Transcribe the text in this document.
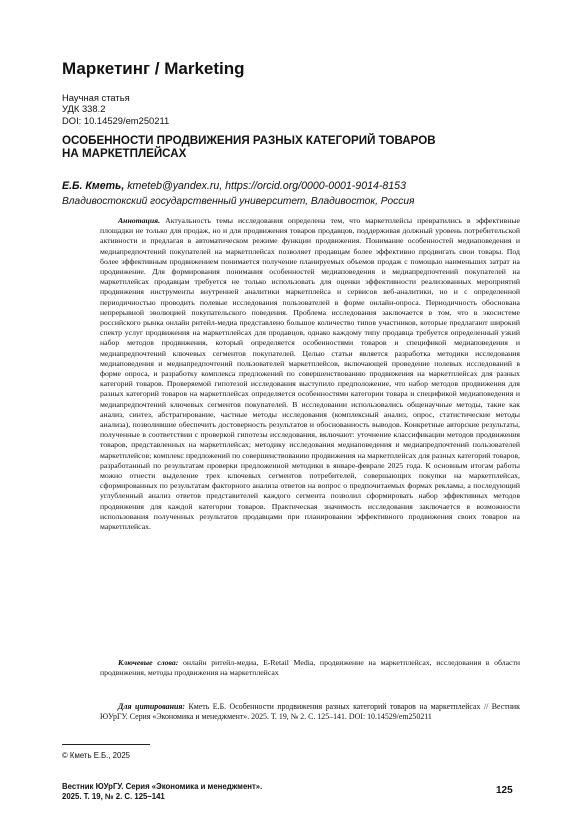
Маркетинг / Marketing
Научная статья
УДК 338.2
DOI: 10.14529/em250211
ОСОБЕННОСТИ ПРОДВИЖЕНИЯ РАЗНЫХ КАТЕГОРИЙ ТОВАРОВ
НА МАРКЕТПЛЕЙСАХ
Е.Б. Кметь, kmeteb@yandex.ru, https://orcid.org/0000-0001-9014-8153
Владивостокский государственный университет, Владивосток, Россия
Аннотация. Актуальность темы исследования определена тем, что маркетплейсы превратились в эффективные площадки не только для продаж, но и для продвижения товаров продавцов, поддерживая должный уровень потребительской активности и предлагая в автоматическом режиме функции продвижения. Понимание особенностей медиаповедения и медиапредпочтений покупателей на маркетплейсах позволяет продавцам более эффективно продвигать свои товары. Под более эффективным продвижением понимается получение планируемых объемов продаж с помощью наименьших затрат на продвижение. Для формирования понимания особенностей медиаповедения и медиапредпочтений покупателей на маркетплейсах продавцам требуется не только использовать для оценки эффективности реализованных мероприятий продвижения инструменты внутренней аналитики маркетплейса и сервисов веб-аналитики, но и с определенной периодичностью проводить полевые исследования пользователей в форме онлайн-опроса. Периодичность обоснована непрерывной эволюцией покупательского поведения. Проблема исследования заключается в том, что в экосистеме российского рынка онлайн ритейл-медиа представлено большое количество типов участников, которые предлагают широкий спектр услуг продвижения на маркетплейсах для продавцов, однако каждому типу продавца требуется определенный узкий набор методов продвижения, который определяется особенностями товаров и спецификой медиаповедения и медиапредпочтений ключевых сегментов покупателей. Целью статьи является разработка методики исследования медиаповедения и медиапредпочтений пользователей маркетплейсов, включающей проведение полевых исследований в форме опроса, и разработку комплекса предложений по совершенствованию продвижения на маркетплейсах для разных категорий товаров. Проверяемой гипотезой исследования выступило предположение, что набор методов продвижения для разных категорий товаров на маркетплейсах определяется особенностями категории товара и спецификой медиаповедения и медиапредпочтений ключевых сегментов покупателей. В исследовании использовались общенаучные методы, такие как анализ, синтез, абстрагирование, частные методы исследования (комплексный анализ, опрос, статистические методы анализа), позволившие обеспечить достоверность результатов и обоснованность выводов. Конкретные авторские результаты, полученные в соответствии с проверкой гипотезы исследования, включают: уточнение классификации методов продвижения товаров, представленных на маркетплейсах; методику исследования медиаповедения и медиапредпочтений пользователей маркетплейсов; комплекс предложений по совершенствованию продвижения на маркетплейсах для разных категорий товаров, разработанный по результатам проверки предложенной методики в январе-феврале 2025 года. К основным итогам работы можно отнести выделение трех ключевых сегментов потребителей, совершающих покупки на маркетплейсах, сформированных по результатам факторного анализа ответов на вопрос о предпочитаемых формах рекламы, а последующий углубленный анализ ответов представителей каждого сегмента позволил сформировать набор эффективных методов продвижения для каждой категории товаров. Практическая значимость исследования заключается в возможности использования полученных результатов продавцами при планировании эффективного продвижения своих товаров на маркетплейсах.
Ключевые слова: онлайн ритейл-медиа, E-Retail Media, продвижение на маркетплейсах, исследования в области продвижения, методы продвижения на маркетплейсах
Для цитирования: Кметь Е.Б. Особенности продвижения разных категорий товаров на маркетплейсах // Вестник ЮУрГУ. Серия «Экономика и менеджмент». 2025. Т. 19, № 2. С. 125–141. DOI: 10.14529/em250211
© Кметь Е.Б., 2025
Вестник ЮУрГУ. Серия «Экономика и менеджмент».
2025. Т. 19, № 2. С. 125–141
125
